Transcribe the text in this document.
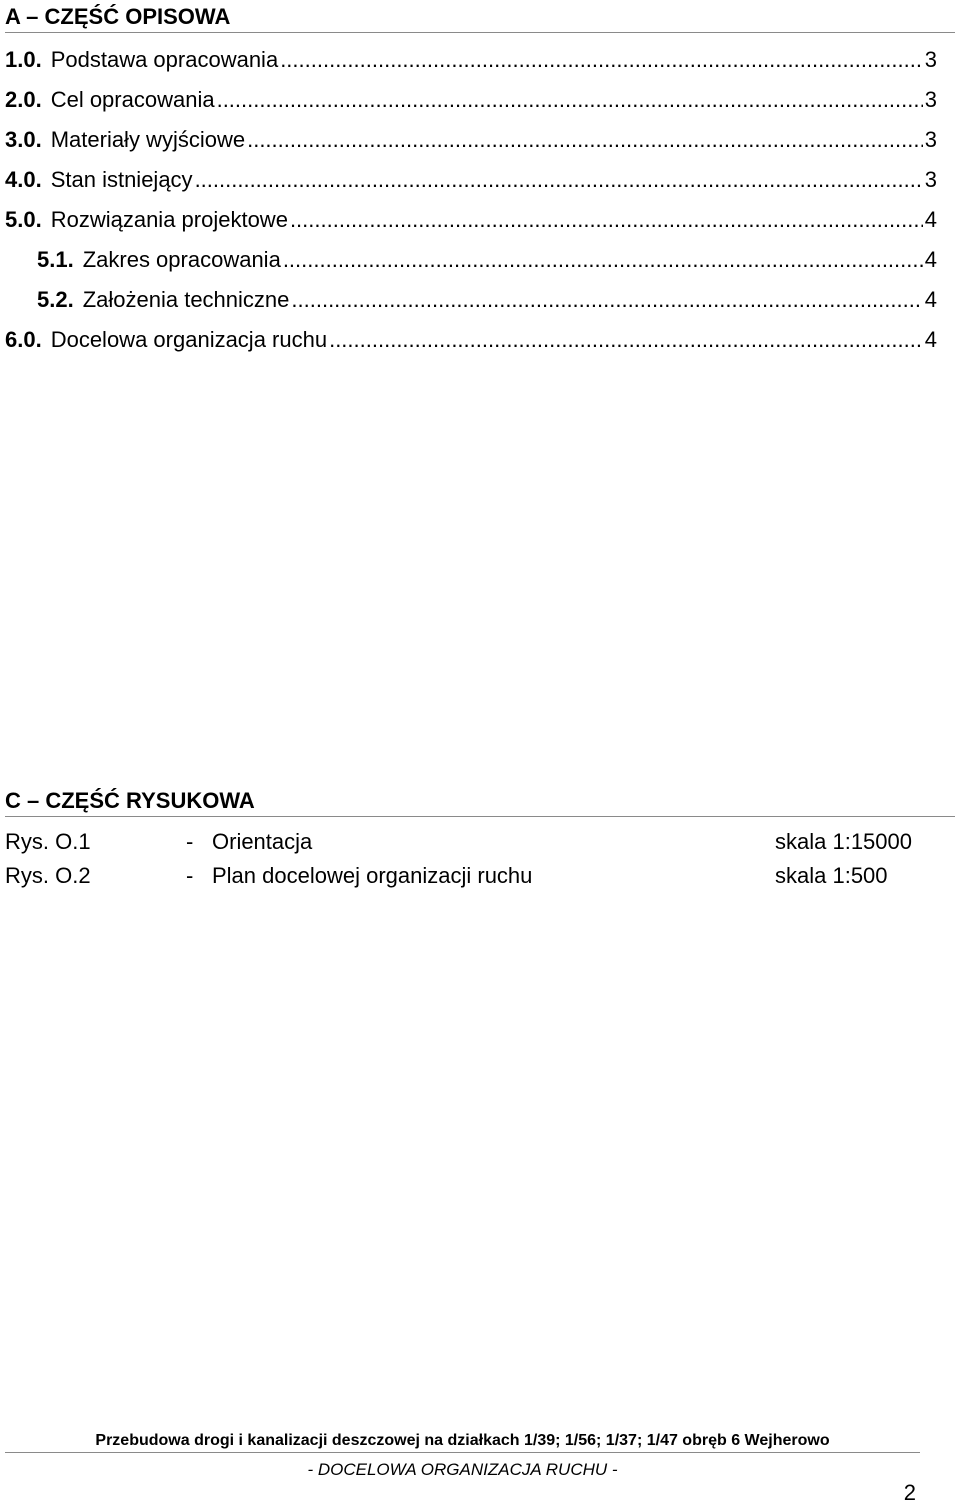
A – CZĘŚĆ OPISOWA
1.0. Podstawa opracowania .....	3
2.0. Cel opracowania .....	3
3.0. Materiały wyjściowe .....	3
4.0. Stan istniejący .....	3
5.0. Rozwiązania projektowe .....	4
5.1. Zakres opracowania .....	4
5.2. Założenia techniczne .....	4
6.0. Docelowa organizacja ruchu .....	4
C – CZĘŚĆ RYSUKOWA
Rys. O.1	- Orientacja	skala 1:15000
Rys. O.2	- Plan docelowej organizacji ruchu	skala 1:500
Przebudowa drogi i kanalizacji deszczowej na działkach 1/39; 1/56; 1/37; 1/47 obręb 6 Wejherowo
- DOCELOWA ORGANIZACJA RUCHU -
2
